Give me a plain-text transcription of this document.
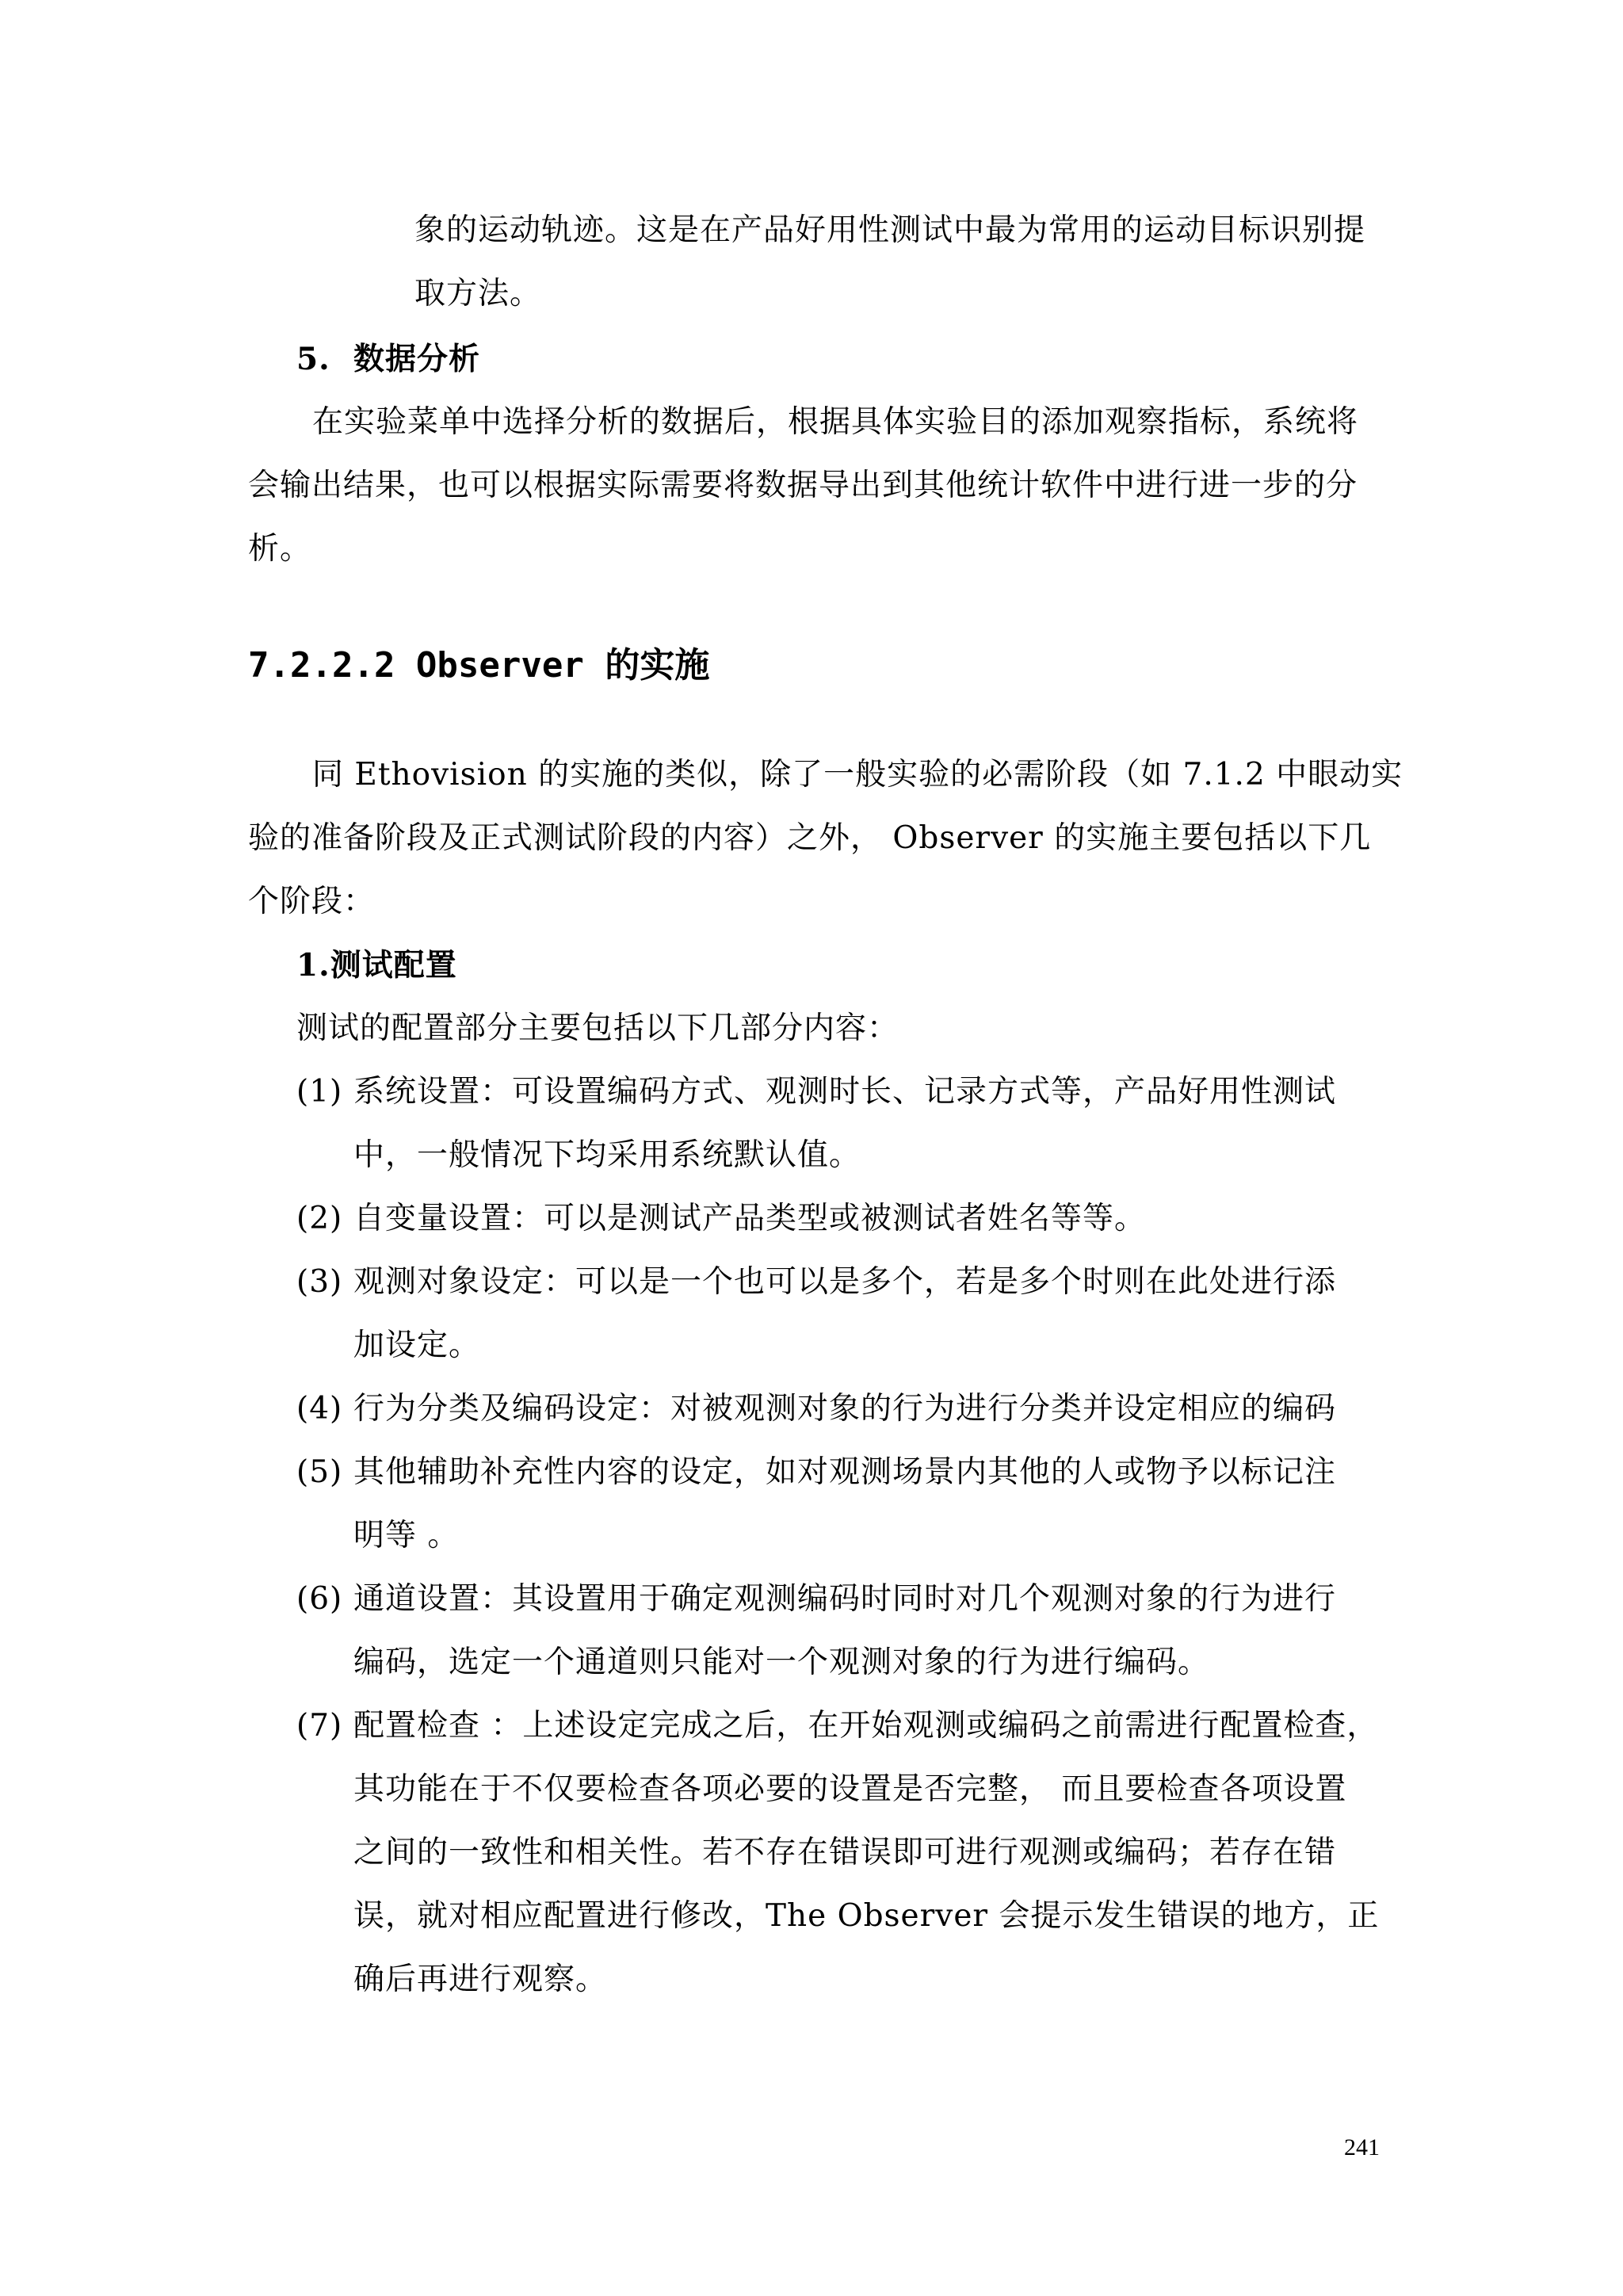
象的运动轨迹。这是在产品好用性测试中最为常用的运动目标识别提
取方法。
5. 数据分析
在实验菜单中选择分析的数据后，根据具体实验目的添加观察指标，系统将
会输出结果，也可以根据实际需要将数据导出到其他统计软件中进行进一步的分
析。
7.2.2.2 Observer 的实施
同 Ethovision 的实施的类似，除了一般实验的必需阶段（如 7.1.2 中眼动实
验的准备阶段及正式测试阶段的内容）之外， Observer 的实施主要包括以下几
个阶段：
1.测试配置
测试的配置部分主要包括以下几部分内容：
(1) 系统设置：可设置编码方式、观测时长、记录方式等，产品好用性测试
中，一般情况下均采用系统默认值。
(2) 自变量设置：可以是测试产品类型或被测试者姓名等等。
(3) 观测对象设定：可以是一个也可以是多个，若是多个时则在此处进行添
加设定。
(4) 行为分类及编码设定：对被观测对象的行为进行分类并设定相应的编码
(5) 其他辅助补充性内容的设定，如对观测场景内其他的人或物予以标记注
明等 。
(6) 通道设置：其设置用于确定观测编码时同时对几个观测对象的行为进行
编码，选定一个通道则只能对一个观测对象的行为进行编码。
(7) 配置检查 ：上述设定完成之后，在开始观测或编码之前需进行配置检查，
其功能在于不仅要检查各项必要的设置是否完整， 而且要检查各项设置
之间的一致性和相关性。若不存在错误即可进行观测或编码；若存在错
误，就对相应配置进行修改，The Observer 会提示发生错误的地方，正
确后再进行观察。
241
